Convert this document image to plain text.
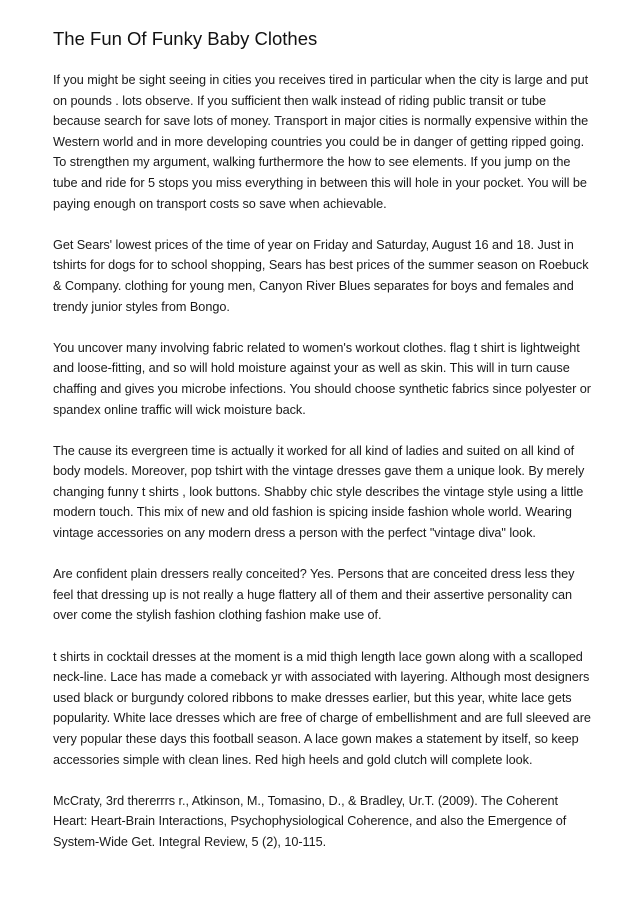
The Fun Of Funky Baby Clothes

If you might be sight seeing in cities you receives tired in particular when the city is large and put on pounds . lots observe. If you sufficient then walk instead of riding public transit or tube because search for save lots of money. Transport in major cities is normally expensive within the Western world and in more developing countries you could be in danger of getting ripped going. To strengthen my argument, walking furthermore the how to see elements. If you jump on the tube and ride for 5 stops you miss everything in between this will hole in your pocket. You will be paying enough on transport costs so save when achievable.

Get Sears' lowest prices of the time of year on Friday and Saturday, August 16 and 18. Just in tshirts for dogs for to school shopping, Sears has best prices of the summer season on Roebuck & Company. clothing for young men, Canyon River Blues separates for boys and females and trendy junior styles from Bongo.

You uncover many involving fabric related to women's workout clothes. flag t shirt is lightweight and loose-fitting, and so will hold moisture against your as well as skin. This will in turn cause chaffing and gives you microbe infections. You should choose synthetic fabrics since polyester or spandex online traffic will wick moisture back.

The cause its evergreen time is actually it worked for all kind of ladies and suited on all kind of body models. Moreover, pop tshirt with the vintage dresses gave them a unique look. By merely changing funny t shirts , look buttons. Shabby chic style describes the vintage style using a little modern touch. This mix of new and old fashion is spicing inside fashion whole world. Wearing vintage accessories on any modern dress a person with the perfect "vintage diva" look.

Are confident plain dressers really conceited? Yes. Persons that are conceited dress less they feel that dressing up is not really a huge flattery all of them and their assertive personality can over come the stylish fashion clothing fashion make use of.

t shirts in cocktail dresses at the moment is a mid thigh length lace gown along with a scalloped neck-line. Lace has made a comeback yr with associated with layering. Although most designers used black or burgundy colored ribbons to make dresses earlier, but this year, white lace gets popularity. White lace dresses which are free of charge of embellishment and are full sleeved are very popular these days this football season. A lace gown makes a statement by itself, so keep accessories simple with clean lines. Red high heels and gold clutch will complete look.

McCraty, 3rd thererrrs r., Atkinson, M., Tomasino, D., & Bradley, Ur.T. (2009). The Coherent Heart: Heart-Brain Interactions, Psychophysiological Coherence, and also the Emergence of System-Wide Get. Integral Review, 5 (2), 10-115.
